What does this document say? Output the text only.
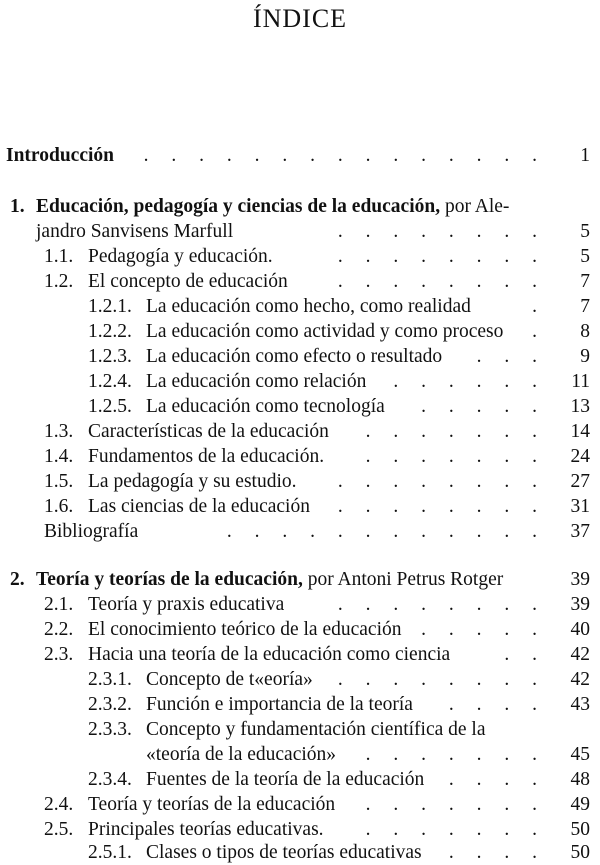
ÍNDICE
Introducción	. . . . . . . . . . . . . . .	1
1. Educación, pedagogía y ciencias de la educación, por Ale-
jandro Sanvisens Marfull	. . . . . . . .	5
1.1. Pedagogía y educación.	. . . . . . . .	5
1.2. El concepto de educación	. . . . . . . .	7
1.2.1. La educación como hecho, como realidad	.	7
1.2.2. La educación como actividad y como proceso .	8
1.2.3. La educación como efecto o resultado . . .	9
1.2.4. La educación como relación . . . . . .	11
1.2.5. La educación como tecnología . . . . .	13
1.3. Características de la educación . . . . . . .	14
1.4. Fundamentos de la educación. . . . . . . .	24
1.5. La pedagogía y su estudio. . . . . . . . .	27
1.6. Las ciencias de la educación . . . . . . . .	31
Bibliografía	. . . . . . . . . . . .	37
2. Teoría y teorías de la educación, por Antoni Petrus Rotger	39
2.1. Teoría y praxis educativa	. . . . . . . .	39
2.2. El conocimiento teórico de la educación . . . . .	40
2.3. Hacia una teoría de la educación como ciencia	. .	42
2.3.1. Concepto de t«eoría» . . . . . . . .	42
2.3.2. Función e importancia de la teoría . . . .	43
2.3.3. Concepto y fundamentación científica de la
«teoría de la educación» . . . . . . .	45
2.3.4. Fuentes de la teoría de la educación . . . .	48
2.4. Teoría y teorías de la educación . . . . . . .	49
2.5. Principales teorías educativas. . . . . . . .	50
2.5.1. Clases o tipos de teorías educativas . . . .	50
